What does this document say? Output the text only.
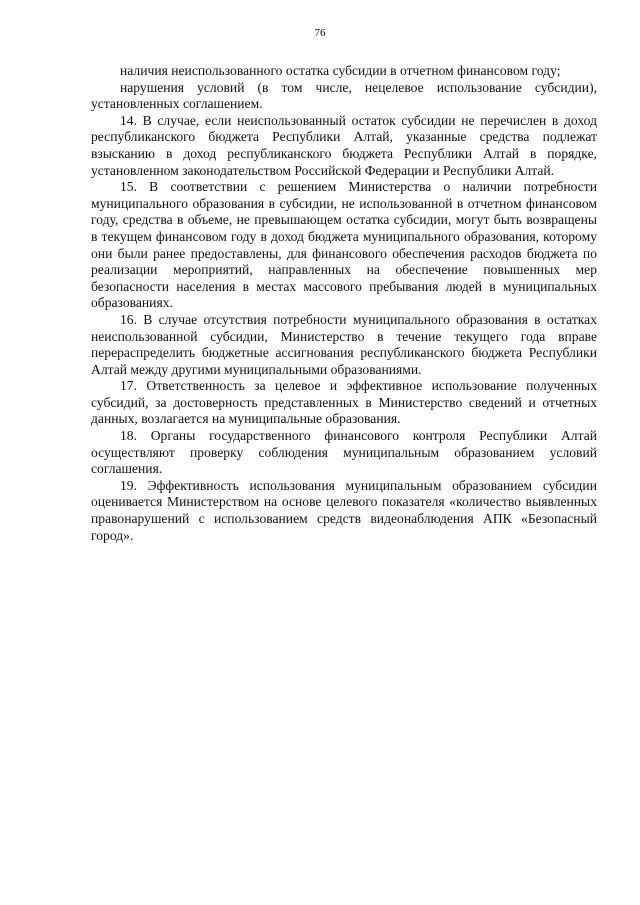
76

наличия неиспользованного остатка субсидии в отчетном финансовом году;

нарушения условий (в том числе, нецелевое использование субсидии), установленных соглашением.

14. В случае, если неиспользованный остаток субсидии не перечислен в доход республиканского бюджета Республики Алтай, указанные средства подлежат взысканию в доход республиканского бюджета Республики Алтай в порядке, установленном законодательством Российской Федерации и Республики Алтай.

15. В соответствии с решением Министерства о наличии потребности муниципального образования в субсидии, не использованной в отчетном финансовом году, средства в объеме, не превышающем остатка субсидии, могут быть возвращены в текущем финансовом году в доход бюджета муниципального образования, которому они были ранее предоставлены, для финансового обеспечения расходов бюджета по реализации мероприятий, направленных на обеспечение повышенных мер безопасности населения в местах массового пребывания людей в муниципальных образованиях.

16. В случае отсутствия потребности муниципального образования в остатках неиспользованной субсидии, Министерство в течение текущего года вправе перераспределить бюджетные ассигнования республиканского бюджета Республики Алтай между другими муниципальными образованиями.

17. Ответственность за целевое и эффективное использование полученных субсидий, за достоверность представленных в Министерство сведений и отчетных данных, возлагается на муниципальные образования.

18. Органы государственного финансового контроля Республики Алтай осуществляют проверку соблюдения муниципальным образованием условий соглашения.

19. Эффективность использования муниципальным образованием субсидии оценивается Министерством на основе целевого показателя «количество выявленных правонарушений с использованием средств видеонаблюдения АПК «Безопасный город».
